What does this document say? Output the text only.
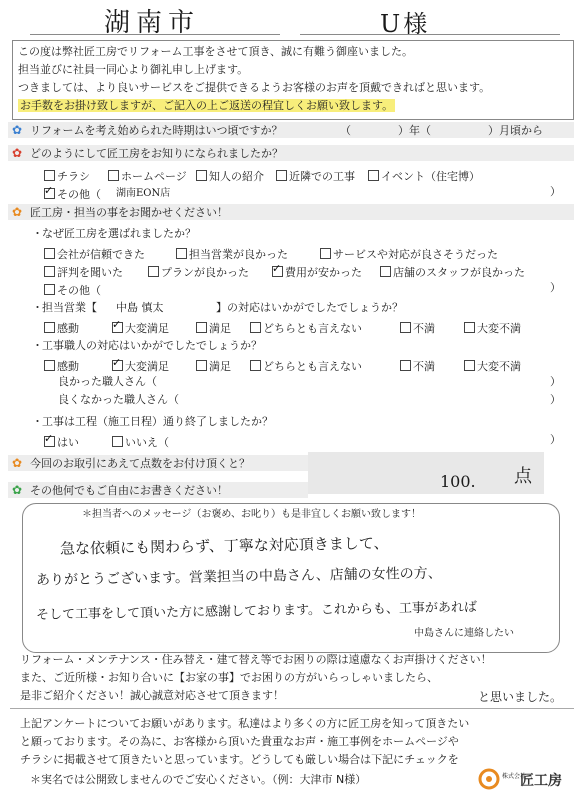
湖南市	U様
この度は弊社匠工房でリフォーム工事をさせて頂き、誠に有難う御座いました。
担当並びに社員一同心より御礼申し上げます。
つきましては、より良いサービスをご提供できるようお客様のお声を頂戴できればと思います。
お手数をお掛け致しますが、ご記入の上ご返送の程宜しくお願い致します。
✿ リフォームを考え始められた時期はいつ頃ですか？	（	）年（	）月頃から
✿ どのようにして匠工房をお知りになられましたか？
チラシ	ホームページ	知人の紹介	近隣での工事	イベント（住宅博）
✓その他（ 湖南EON店	）
✿ 匠工房・担当の事をお聞かせください！
・ なぜ匠工房を選ばれましたか？
会社が信頼できた	担当営業が良かった	サービスや対応が良さそうだった
評判を聞いた	プランが良かった ✓	費用が安かった	店舗のスタッフが良かった
その他（	）
・ 担当営業【 中島 慎太	】の対応はいかがでしたでしょうか？
感動 ✓	大変満足	満足	どちらとも言えない	不満	大変不満
・ 工事職人の対応はいかがでしたでしょうか？
感動 ✓	大変満足	満足	どちらとも言えない	不満	大変不満
良かった職人さん（	）
良くなかった職人さん（	）
・ 工事は工程（施工日程）通り終了しましたか？
✓はい	いいえ（	）
✿ 今回のお取引にあえて点数をお付け頂くと？
100. 点
✿ その他何でもご自由にお書きください！
＊担当者へのメッセージ（お褒め、お叱り）も是非宜しくお願い致します！
急な依頼にも関わらず、丁寧な対応頂きまして、
ありがとうございます。営業担当の中島さん、店舗の女性の方、
そして工事をして頂いた方に感謝しております。これからも、工事があれば
中島さんに連絡したい
と思いました。
リフォーム・メンテナンス・住み替え・建て替え等でお困りの際は遠慮なくお声掛けください！
また、ご近所様・お知り合いに【お家の事】でお困りの方がいらっしゃいましたら、
是非ご紹介ください！誠心誠意対応させて頂きます！
上記アンケートについてお願いがあります。私達はより多くの方に匠工房を知って頂きたい
と願っております。その為に、お客様から頂いた貴重なお声・施工事例をホームページや
チラシに掲載させて頂きたいと思っています。どうしても厳しい場合は下記にチェックを
＊実名では公開致しませんのでご安心ください。（例：大津市 N様）	株式会社
匠工房
